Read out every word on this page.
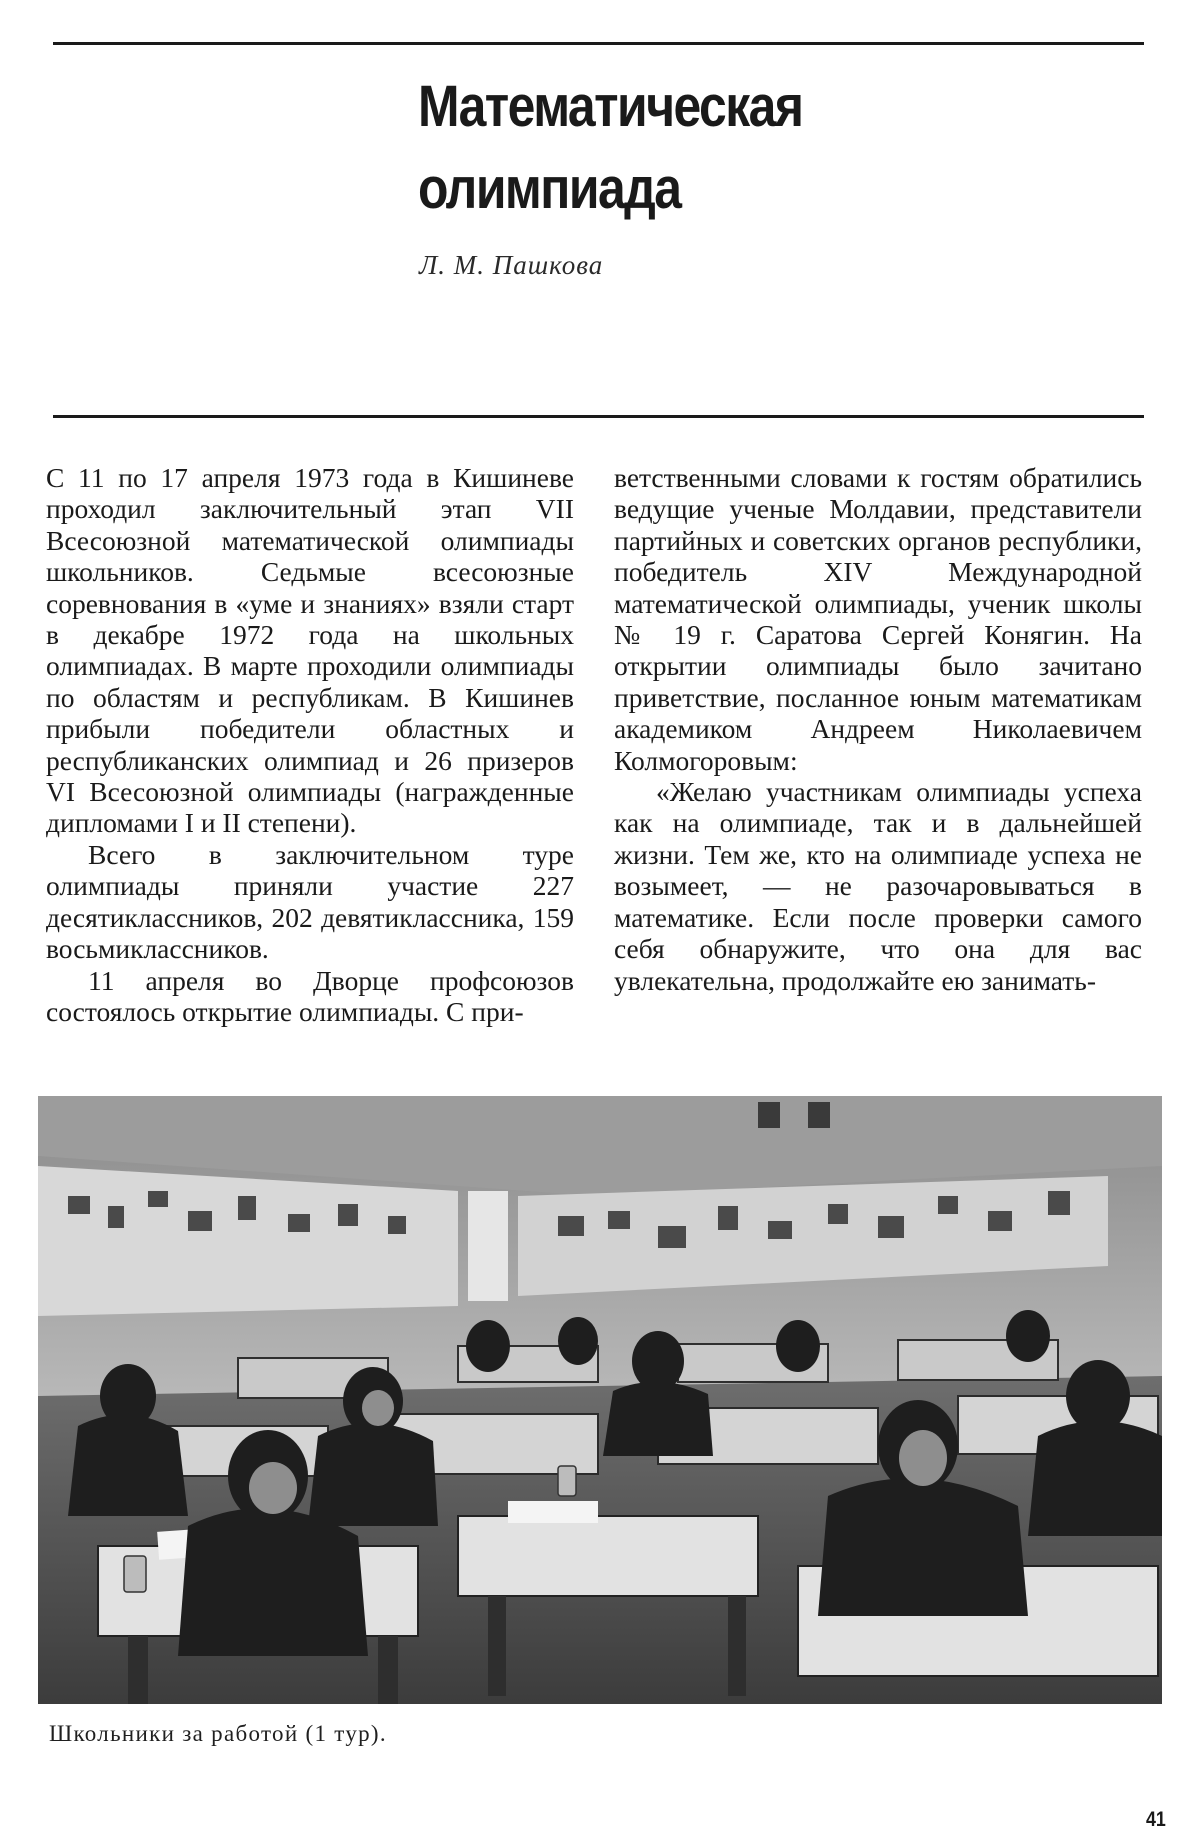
Математическая
олимпиада
Л. М. Пашкова

С 11 по 17 апреля 1973 года в Кишиневе проходил заключительный этап VII Всесоюзной математической олимпиады школьников. Седьмые всесоюзные соревнования в «уме и знаниях» взяли старт в декабре 1972 года на школьных олимпиадах. В марте проходили олимпиады по областям и республикам. В Кишинев прибыли победители областных и республиканских олимпиад и 26 призеров VI Всесоюзной олимпиады (награжденные дипломами I и II степени).

Всего в заключительном туре олимпиады приняли участие 227 десятиклассников, 202 девятиклассника, 159 восьмиклассников.

11 апреля во Дворце профсоюзов состоялось открытие олимпиады. С при-

ветственными словами к гостям обратились ведущие ученые Молдавии, представители партийных и советских органов республики, победитель XIV Международной математической олимпиады, ученик школы № 19 г. Саратова Сергей Конягин. На открытии олимпиады было зачитано приветствие, посланное юным математикам академиком Андреем Николаевичем Колмогоровым:

«Желаю участникам олимпиады успеха как на олимпиаде, так и в дальнейшей жизни. Тем же, кто на олимпиаде успеха не возымеет, — не разочаровываться в математике. Если после проверки самого себя обнаружите, что она для вас увлекательна, продолжайте ею занимать-

Школьники за работой (1 тур).
41
